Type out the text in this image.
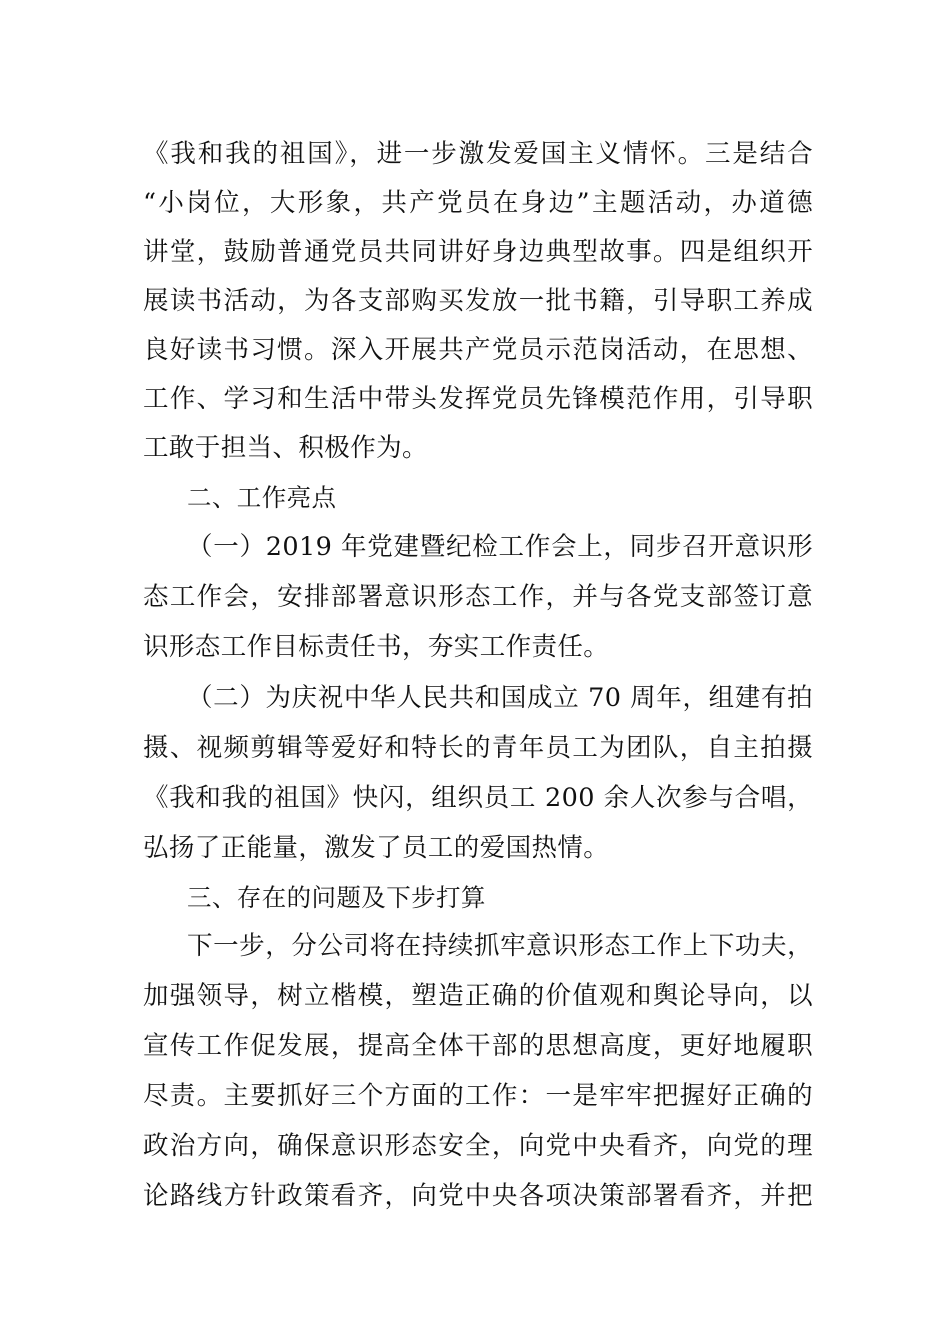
《我和我的祖国》，进一步激发爱国主义情怀。三是结合
“小岗位，大形象，共产党员在身边”主题活动，办道德
讲堂，鼓励普通党员共同讲好身边典型故事。四是组织开
展读书活动，为各支部购买发放一批书籍，引导职工养成
良好读书习惯。深入开展共产党员示范岗活动，在思想、
工作、学习和生活中带头发挥党员先锋模范作用，引导职
工敢于担当、积极作为。
二、工作亮点
（一）2019 年党建暨纪检工作会上，同步召开意识形
态工作会，安排部署意识形态工作，并与各党支部签订意
识形态工作目标责任书，夯实工作责任。
（二）为庆祝中华人民共和国成立 70 周年，组建有拍
摄、视频剪辑等爱好和特长的青年员工为团队，自主拍摄
《我和我的祖国》快闪，组织员工 200 余人次参与合唱，
弘扬了正能量，激发了员工的爱国热情。
三、存在的问题及下步打算
下一步，分公司将在持续抓牢意识形态工作上下功夫，
加强领导，树立楷模，塑造正确的价值观和舆论导向，以
宣传工作促发展，提高全体干部的思想高度，更好地履职
尽责。主要抓好三个方面的工作：一是牢牢把握好正确的
政治方向，确保意识形态安全，向党中央看齐，向党的理
论路线方针政策看齐，向党中央各项决策部署看齐，并把
